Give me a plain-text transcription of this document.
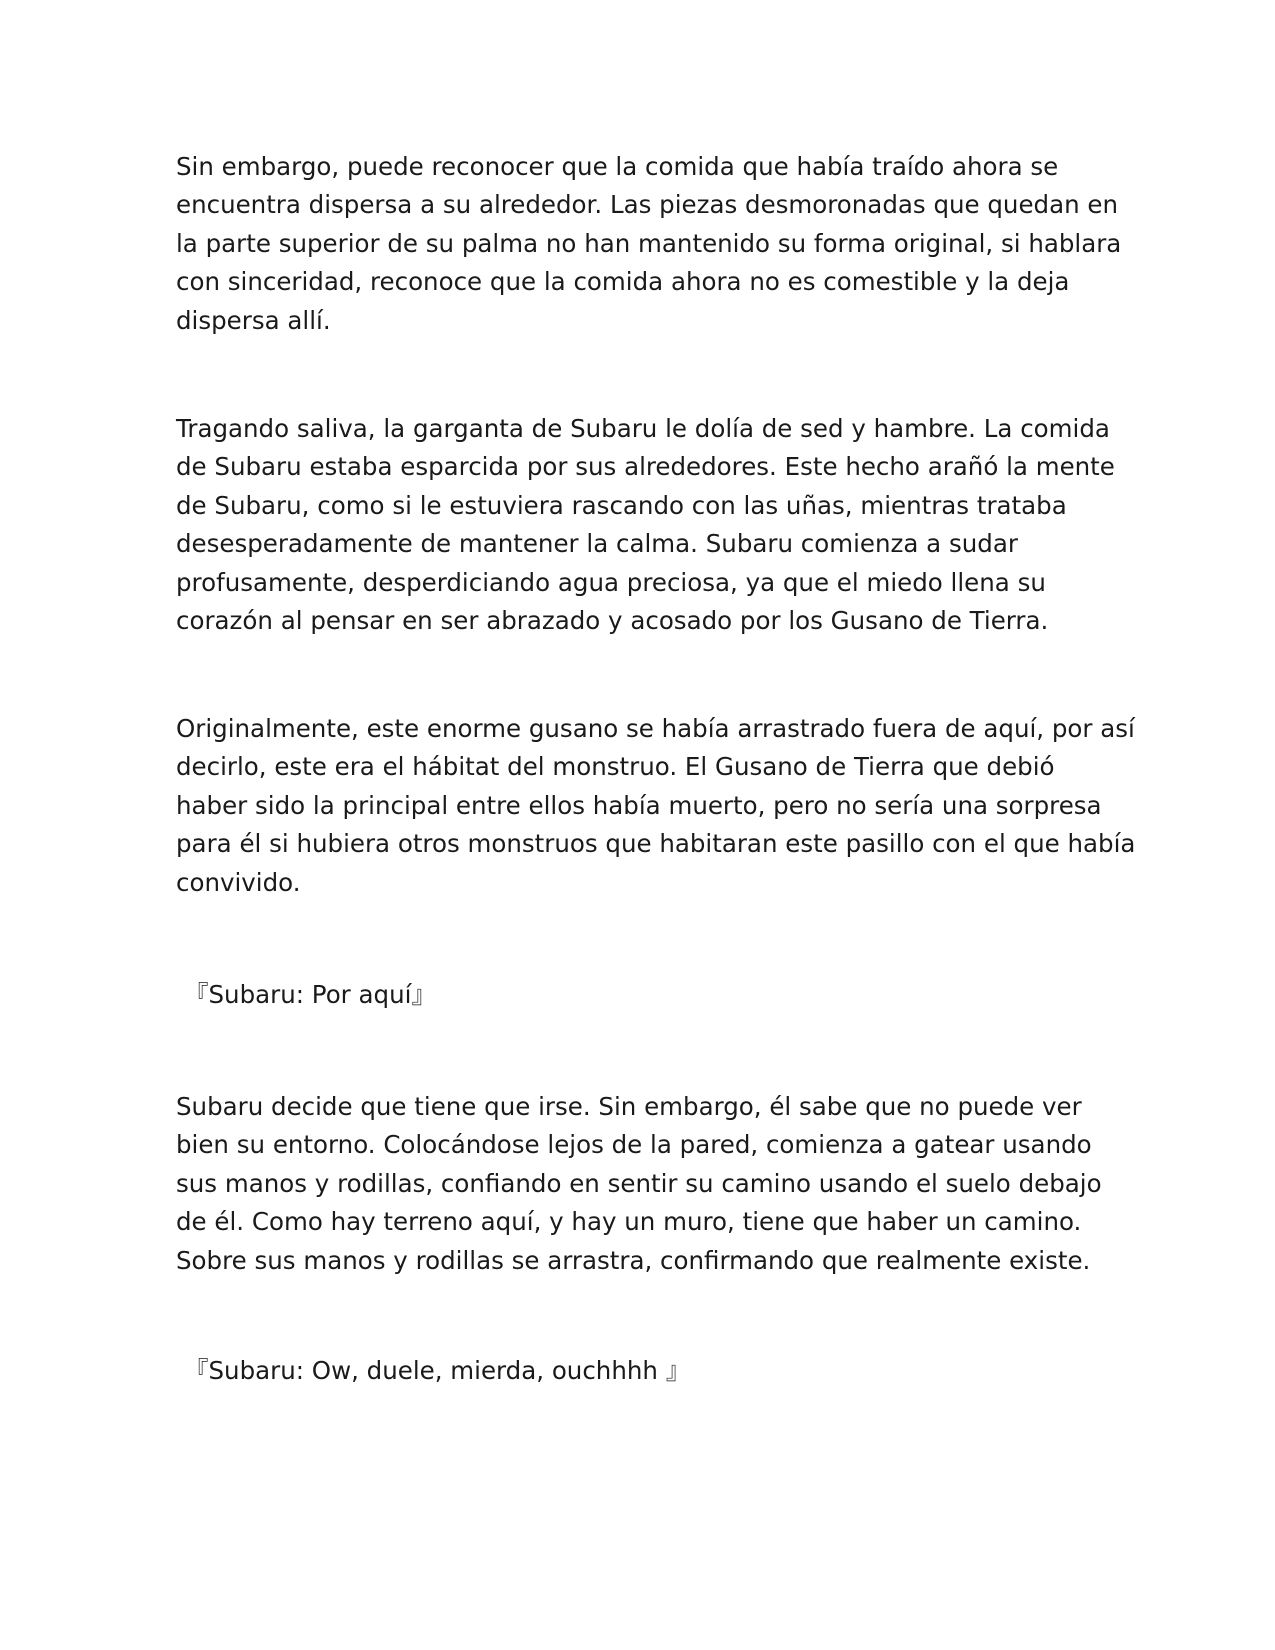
Sin embargo, puede reconocer que la comida que había traído ahora se
encuentra dispersa a su alrededor. Las piezas desmoronadas que quedan en
la parte superior de su palma no han mantenido su forma original, si hablara
con sinceridad, reconoce que la comida ahora no es comestible y la deja
dispersa allí.

Tragando saliva, la garganta de Subaru le dolía de sed y hambre. La comida
de Subaru estaba esparcida por sus alrededores. Este hecho arañó la mente
de Subaru, como si le estuviera rascando con las uñas, mientras trataba
desesperadamente de mantener la calma. Subaru comienza a sudar
profusamente, desperdiciando agua preciosa, ya que el miedo llena su
corazón al pensar en ser abrazado y acosado por los Gusano de Tierra.

Originalmente, este enorme gusano se había arrastrado fuera de aquí, por así
decirlo, este era el hábitat del monstruo. El Gusano de Tierra que debió
haber sido la principal entre ellos había muerto, pero no sería una sorpresa
para él si hubiera otros monstruos que habitaran este pasillo con el que había
convivido.

『Subaru: Por aquí』

Subaru decide que tiene que irse. Sin embargo, él sabe que no puede ver
bien su entorno. Colocándose lejos de la pared, comienza a gatear usando
sus manos y rodillas, confiando en sentir su camino usando el suelo debajo
de él. Como hay terreno aquí, y hay un muro, tiene que haber un camino.
Sobre sus manos y rodillas se arrastra, confirmando que realmente existe.

『Subaru: Ow, duele, mierda, ouchhhh 』
